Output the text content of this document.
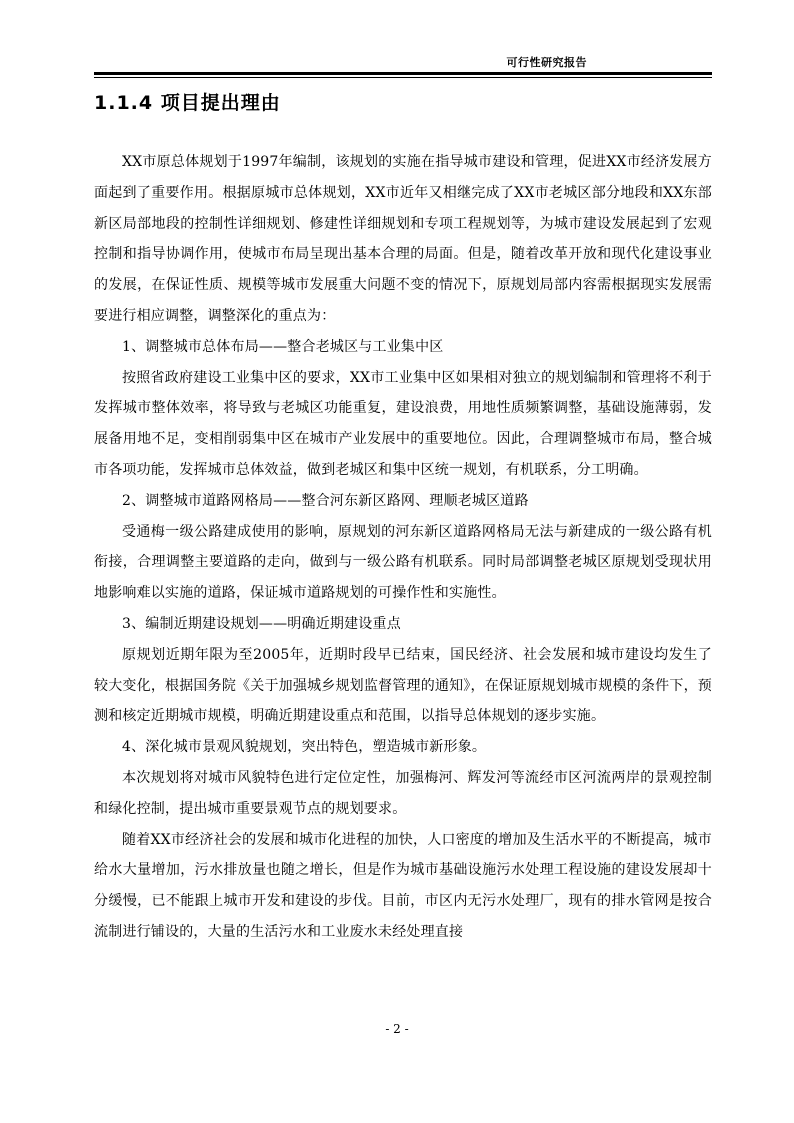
可行性研究报告
1.1.4 项目提出理由

XX市原总体规划于1997年编制，该规划的实施在指导城市建设和管理，促进XX市经济发展方面起到了重要作用。根据原城市总体规划，XX市近年又相继完成了XX市老城区部分地段和XX东部新区局部地段的控制性详细规划、修建性详细规划和专项工程规划等，为城市建设发展起到了宏观控制和指导协调作用，使城市布局呈现出基本合理的局面。但是，随着改革开放和现代化建设事业的发展，在保证性质、规模等城市发展重大问题不变的情况下，原规划局部内容需根据现实发展需要进行相应调整，调整深化的重点为：

1、调整城市总体布局——整合老城区与工业集中区

按照省政府建设工业集中区的要求，XX市工业集中区如果相对独立的规划编制和管理将不利于发挥城市整体效率，将导致与老城区功能重复，建设浪费，用地性质频繁调整，基础设施薄弱，发展备用地不足，变相削弱集中区在城市产业发展中的重要地位。因此，合理调整城市布局，整合城市各项功能，发挥城市总体效益，做到老城区和集中区统一规划，有机联系，分工明确。

2、调整城市道路网格局——整合河东新区路网、理顺老城区道路

受通梅一级公路建成使用的影响，原规划的河东新区道路网格局无法与新建成的一级公路有机衔接，合理调整主要道路的走向，做到与一级公路有机联系。同时局部调整老城区原规划受现状用地影响难以实施的道路，保证城市道路规划的可操作性和实施性。

3、编制近期建设规划——明确近期建设重点

原规划近期年限为至2005年，近期时段早已结束，国民经济、社会发展和城市建设均发生了较大变化，根据国务院《关于加强城乡规划监督管理的通知》，在保证原规划城市规模的条件下，预测和核定近期城市规模，明确近期建设重点和范围，以指导总体规划的逐步实施。

4、深化城市景观风貌规划，突出特色，塑造城市新形象。

本次规划将对城市风貌特色进行定位定性，加强梅河、辉发河等流经市区河流两岸的景观控制和绿化控制，提出城市重要景观节点的规划要求。

随着XX市经济社会的发展和城市化进程的加快，人口密度的增加及生活水平的不断提高，城市给水大量增加，污水排放量也随之增长，但是作为城市基础设施污水处理工程设施的建设发展却十分缓慢，已不能跟上城市开发和建设的步伐。目前，市区内无污水处理厂，现有的排水管网是按合流制进行铺设的，大量的生活污水和工业废水未经处理直接

- 2 -
